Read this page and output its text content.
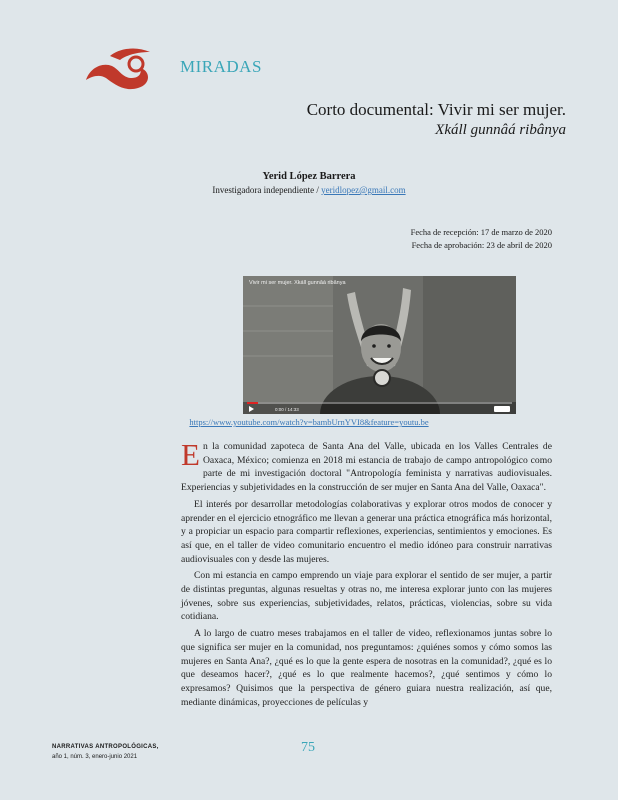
MIRADAS
Corto documental: Vivir mi ser mujer.
Xkáll gunnâá ribânya
Yerid López Barrera
Investigadora independiente / yeridlopez@gmail.com
Fecha de recepción: 17 de marzo de 2020
Fecha de aprobación: 23 de abril de 2020
Vivir mi ser mujer. Xkáll gunnâá ribânya
0:00 / 14:33
https://www.youtube.com/watch?v=bambUrnYVI8&feature=youtu.be

En la comunidad zapoteca de Santa Ana del Valle, ubicada en los Valles Centrales de Oaxaca, México; comienza en 2018 mi estancia de trabajo de campo antropológico como parte de mi investigación doctoral "Antropología feminista y narrativas audiovisuales. Experiencias y subjetividades en la construcción de ser mujer en Santa Ana del Valle, Oaxaca".

El interés por desarrollar metodologías colaborativas y explorar otros modos de conocer y aprender en el ejercicio etnográfico me llevan a generar una práctica etnográfica más horizontal, y a propiciar un espacio para compartir reflexiones, experiencias, sentimientos y emociones. Es así que, en el taller de video comunitario encuentro el medio idóneo para construir narrativas audiovisuales con y desde las mujeres.

Con mi estancia en campo emprendo un viaje para explorar el sentido de ser mujer, a partir de distintas preguntas, algunas resueltas y otras no, me interesa explorar junto con las mujeres jóvenes, sobre sus experiencias, subjetividades, relatos, prácticas, violencias, sobre su vida cotidiana.

A lo largo de cuatro meses trabajamos en el taller de video, reflexionamos juntas sobre lo que significa ser mujer en la comunidad, nos preguntamos: ¿quiénes somos y cómo somos las mujeres en Santa Ana?, ¿qué es lo que la gente espera de nosotras en la comunidad?, ¿qué es lo que deseamos hacer?, ¿qué es lo que realmente hacemos?, ¿qué sentimos y cómo lo expresamos? Quisimos que la perspectiva de género guiara nuestra realización, así que, mediante dinámicas, proyecciones de películas y

NARRATIVAS ANTROPOLÓGICAS,
año 1, núm. 3, enero-junio 2021
75
